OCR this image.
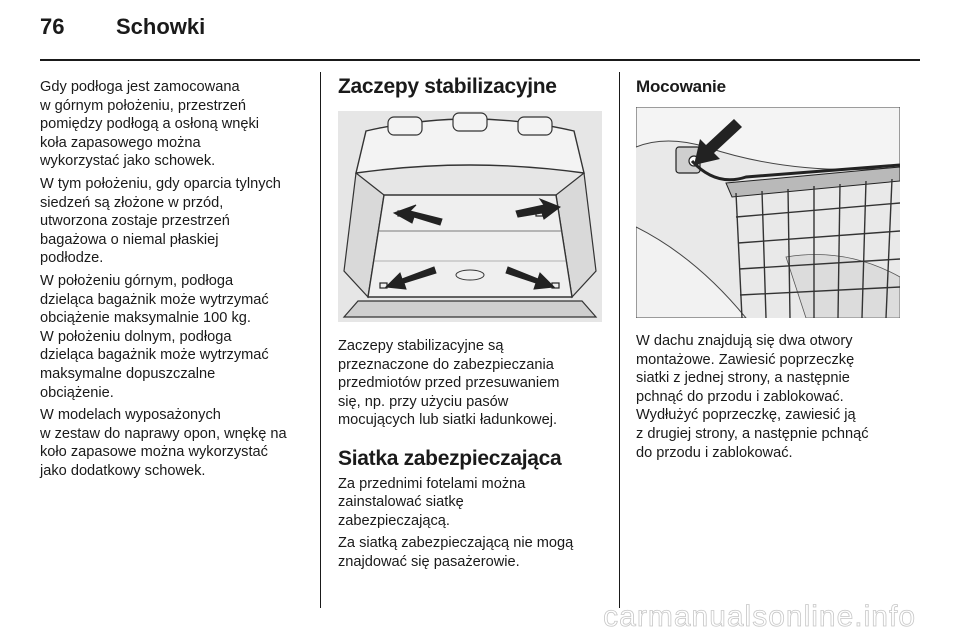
76 Schowki

Gdy podłoga jest zamocowana
w górnym położeniu, przestrzeń
pomiędzy podłogą a osłoną wnęki
koła zapasowego można
wykorzystać jako schowek.

W tym położeniu, gdy oparcia tylnych
siedzeń są złożone w przód,
utworzona zostaje przestrzeń
bagażowa o niemal płaskiej
podłodze.

W położeniu górnym, podłoga
dzieląca bagażnik może wytrzymać
obciążenie maksymalnie 100 kg.
W położeniu dolnym, podłoga
dzieląca bagażnik może wytrzymać
maksymalne dopuszczalne
obciążenie.

W modelach wyposażonych
w zestaw do naprawy opon, wnękę na
koło zapasowe można wykorzystać
jako dodatkowy schowek.

Zaczepy stabilizacyjne

Zaczepy stabilizacyjne są
przeznaczone do zabezpieczania
przedmiotów przed przesuwaniem
się, np. przy użyciu pasów
mocujących lub siatki ładunkowej.

Siatka zabezpieczająca

Za przednimi fotelami można
zainstalować siatkę
zabezpieczającą.

Za siatką zabezpieczającą nie mogą
znajdować się pasażerowie.

Mocowanie

W dachu znajdują się dwa otwory
montażowe. Zawiesić poprzeczkę
siatki z jednej strony, a następnie
pchnąć do przodu i zablokować.
Wydłużyć poprzeczkę, zawiesić ją
z drugiej strony, a następnie pchnąć
do przodu i zablokować.

carmanualsonline.info
